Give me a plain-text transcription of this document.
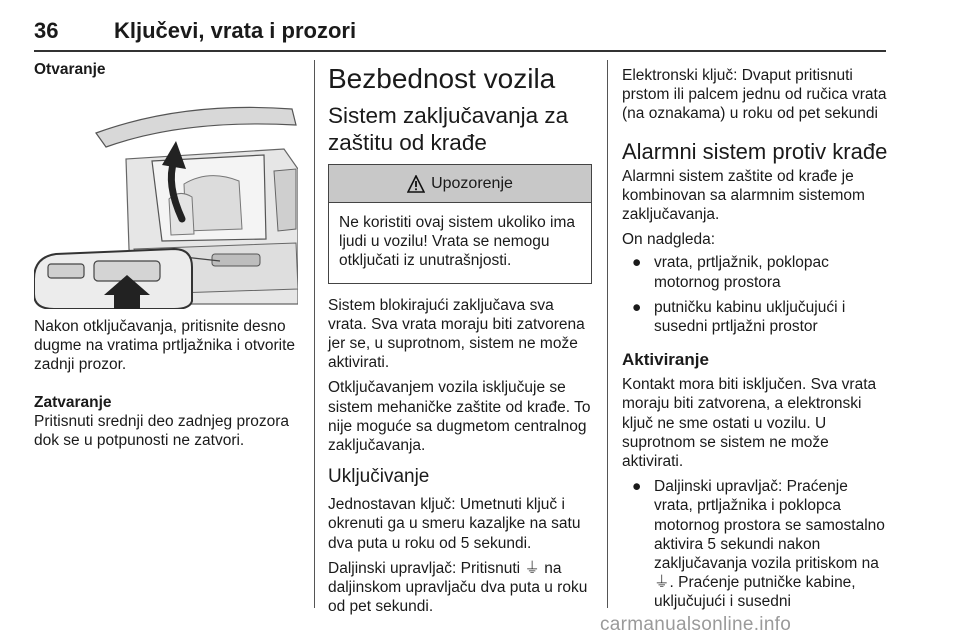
36	Ključevi, vrata i prozori
Otvaranje

Nakon otključavanja, pritisnite desno dugme na vratima prtljažnika i otvorite zadnji prozor.

Zatvaranje

Pritisnuti srednji deo zadnjeg prozora dok se u potpunosti ne zatvori.

Bezbednost vozila
Sistem zaključavanja za zaštitu od krađe
Upozorenje
Ne koristiti ovaj sistem ukoliko ima ljudi u vozilu! Vrata se nemogu otključati iz unutrašnjosti.

Sistem blokirajući zaključava sva vrata. Sva vrata moraju biti zatvorena jer se, u suprotnom, sistem ne može aktivirati.

Otključavanjem vozila isključuje se sistem mehaničke zaštite od krađe. To nije moguće sa dugmetom centralnog zaključavanja.

Uključivanje

Jednostavan ključ: Umetnuti ključ i okrenuti ga u smeru kazaljke na satu dva puta u roku od 5 sekundi.

Daljinski upravljač: Pritisnuti ⏚ na daljinskom upravljaču dva puta u roku od pet sekundi.

Elektronski ključ: Dvaput pritisnuti prstom ili palcem jednu od ručica vrata (na oznakama) u roku od pet sekundi

Alarmni sistem protiv krađe

Alarmni sistem zaštite od krađe je kombinovan sa alarmnim sistemom zaključavanja.

On nadgleda:

● vrata, prtljažnik, poklopac motornog prostora
● putničku kabinu uključujući i susedni prtljažni prostor
Aktiviranje

Kontakt mora biti isključen. Sva vrata moraju biti zatvorena, a elektronski ključ ne sme ostati u vozilu. U suprotnom se sistem ne može aktivirati.

● Daljinski upravljač: Praćenje vrata, prtljažnika i poklopca motornog prostora se samostalno aktivira 5 sekundi nakon zaključavanja vozila pritiskom na ⏚. Praćenje putničke kabine, uključujući i susedni
carmanualsonline.info
